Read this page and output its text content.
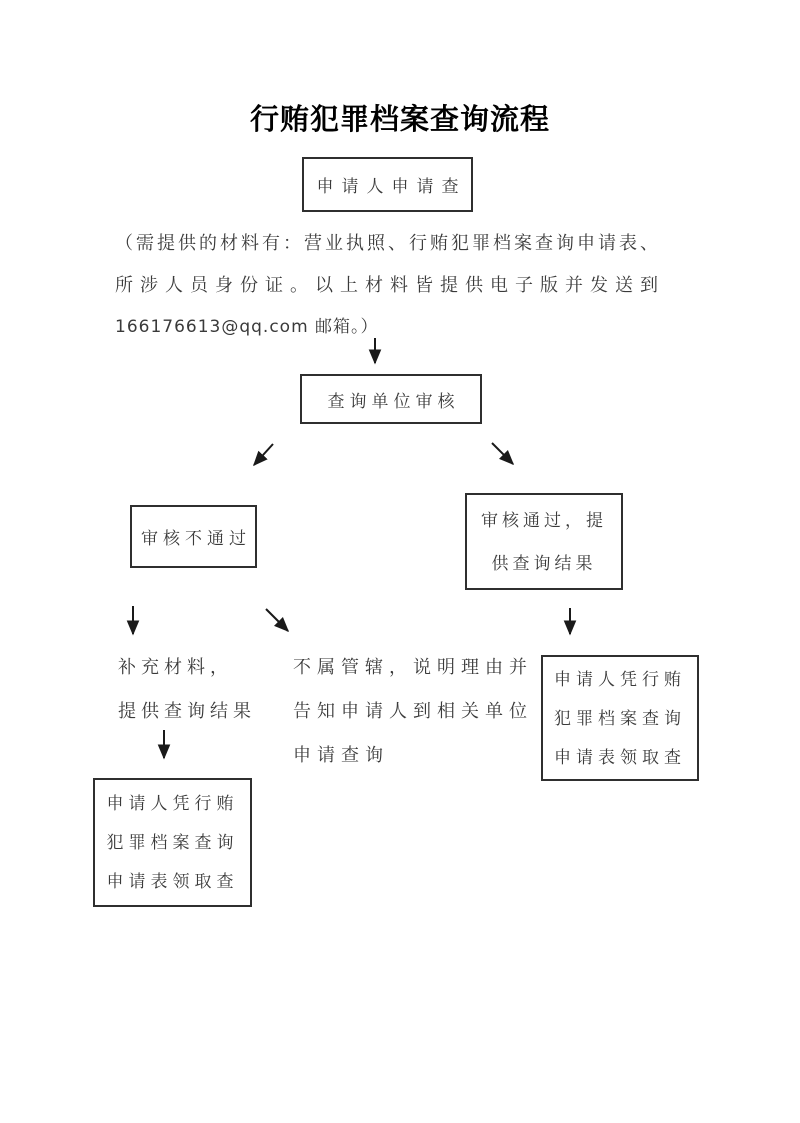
行贿犯罪档案查询流程
申请人申请查
（需提供的材料有：营业执照、行贿犯罪档案查询申请表、
所涉人员身份证。以上材料皆提供电子版并发送到
166176613@qq.com 邮箱。）
查询单位审核
审核不通过
审核通过，提
供查询结果
补充材料，
提供查询结果
不属管辖，说明理由并
告知申请人到相关单位
申请查询
申请人凭行贿
犯罪档案查询
申请表领取查
申请人凭行贿
犯罪档案查询
申请表领取查
